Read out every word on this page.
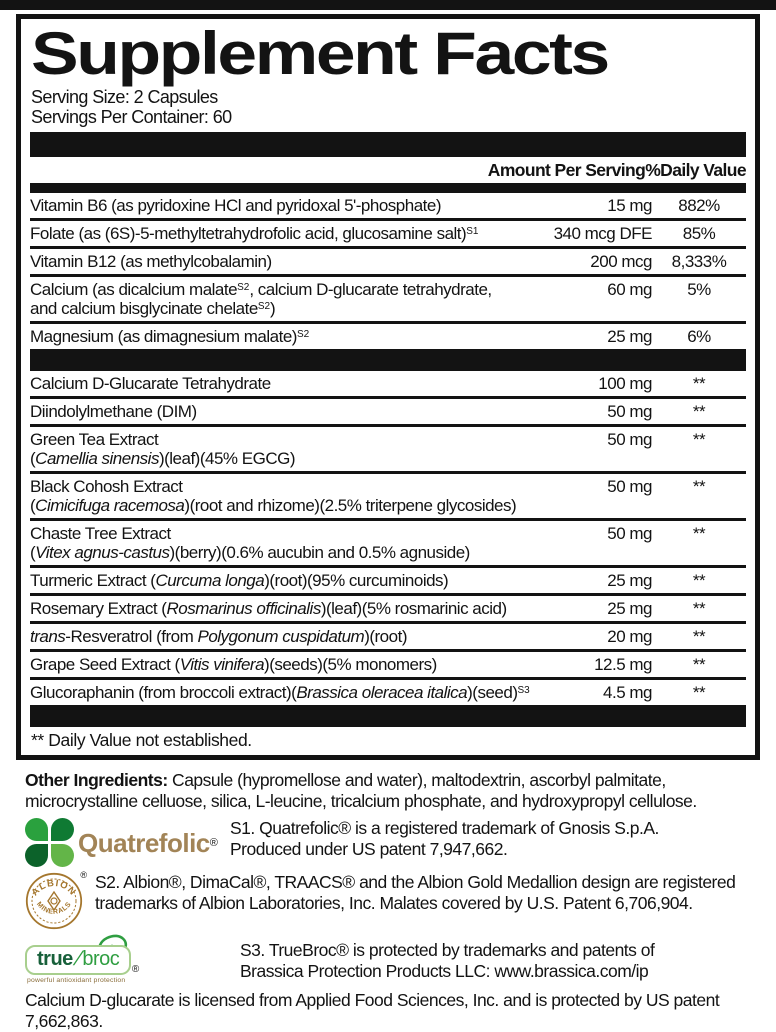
Supplement Facts
Serving Size: 2 Capsules
Servings Per Container: 60
Amount Per Serving %Daily Value
Vitamin B6 (as pyridoxine HCl and pyridoxal 5'-phosphate)	15 mg	882%
Folate (as (6S)-5-methyltetrahydrofolic acid, glucosamine salt)$^{S1}$	340 mcg DFE	85%
Vitamin B12 (as methylcobalamin)	200 mcg	8,333%
Calcium (as dicalcium malate$^{S2}$, calcium D-glucarate tetrahydrate,
and calcium bisglycinate chelate$^{S2}$)
60 mg	5%
Magnesium (as dimagnesium malate)$^{S2}$	25 mg	6%
Calcium D-Glucarate Tetrahydrate	100 mg	**
Diindolylmethane (DIM)	50 mg	**
Green Tea Extract
(Camellia sinensis)(leaf)(45% EGCG)
50 mg	**
Black Cohosh Extract
(Cimicifuga racemosa)(root and rhizome)(2.5% triterpene glycosides)
50 mg	**
Chaste Tree Extract
(Vitex agnus-castus)(berry)(0.6% aucubin and 0.5% agnuside)
50 mg	**
Turmeric Extract (Curcuma longa)(root)(95% curcuminoids)	25 mg	**
Rosemary Extract (Rosmarinus officinalis)(leaf)(5% rosmarinic acid)	25 mg	**
trans-Resveratrol (from Polygonum cuspidatum)(root)	20 mg	**
Grape Seed Extract (Vitis vinifera)(seeds)(5% monomers)	12.5 mg	**
Glucoraphanin (from broccoli extract)(Brassica oleracea italica)(seed)$^{S3}$	4.5 mg	**
** Daily Value not established.
Other Ingredients: Capsule (hypromellose and water), maltodextrin, ascorbyl palmitate, microcrystalline celluose, silica, L-leucine, tricalcium phosphate, and hydroxypropyl cellulose.
Quatrefolic ®
S1. Quatrefolic® is a registered trademark of Gnosis S.p.A. Produced under US patent 7,947,662.
ALBION
MINERALS
® S2. Albion®, DimaCal®, TRAACS® and the Albion Gold Medallion design are registered trademarks of Albion Laboratories, Inc. Malates covered by U.S. Patent 6,706,904.
true / broc ®
powerful antioxidant protection
S3. TrueBroc® is protected by trademarks and patents of Brassica Protection Products LLC: www.brassica.com/ip
Calcium D-glucarate is licensed from Applied Food Sciences, Inc. and is protected by US patent 7,662,863.
